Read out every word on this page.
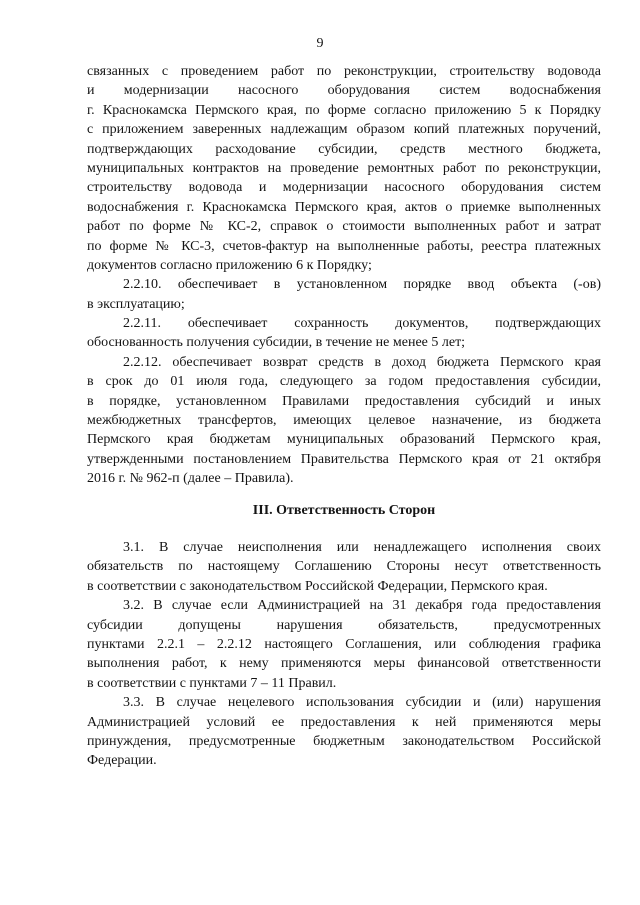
9
связанных с проведением работ по реконструкции, строительству водовода
и модернизации насосного оборудования систем водоснабжения
г. Краснокамска Пермского края, по форме согласно приложению 5 к Порядку
с приложением заверенных надлежащим образом копий платежных поручений,
подтверждающих расходование субсидии, средств местного бюджета,
муниципальных контрактов на проведение ремонтных работ по реконструкции,
строительству водовода и модернизации насосного оборудования систем
водоснабжения г. Краснокамска Пермского края, актов о приемке выполненных
работ по форме № КС-2, справок о стоимости выполненных работ и затрат
по форме № КС-3, счетов-фактур на выполненные работы, реестра платежных
документов согласно приложению 6 к Порядку;
2.2.10. обеспечивает в установленном порядке ввод объекта (-ов)
в эксплуатацию;
2.2.11. обеспечивает сохранность документов, подтверждающих
обоснованность получения субсидии, в течение не менее 5 лет;
2.2.12. обеспечивает возврат средств в доход бюджета Пермского края
в срок до 01 июля года, следующего за годом предоставления субсидии,
в порядке, установленном Правилами предоставления субсидий и иных
межбюджетных трансфертов, имеющих целевое назначение, из бюджета
Пермского края бюджетам муниципальных образований Пермского края,
утвержденными постановлением Правительства Пермского края от 21 октября
2016 г. № 962-п (далее – Правила).
III. Ответственность Сторон
3.1. В случае неисполнения или ненадлежащего исполнения своих
обязательств по настоящему Соглашению Стороны несут ответственность
в соответствии с законодательством Российской Федерации, Пермского края.
3.2. В случае если Администрацией на 31 декабря года предоставления
субсидии допущены нарушения обязательств, предусмотренных
пунктами 2.2.1 – 2.2.12 настоящего Соглашения, или соблюдения графика
выполнения работ, к нему применяются меры финансовой ответственности
в соответствии с пунктами 7 – 11 Правил.
3.3. В случае нецелевого использования субсидии и (или) нарушения
Администрацией условий ее предоставления к ней применяются меры
принуждения, предусмотренные бюджетным законодательством Российской
Федерации.
